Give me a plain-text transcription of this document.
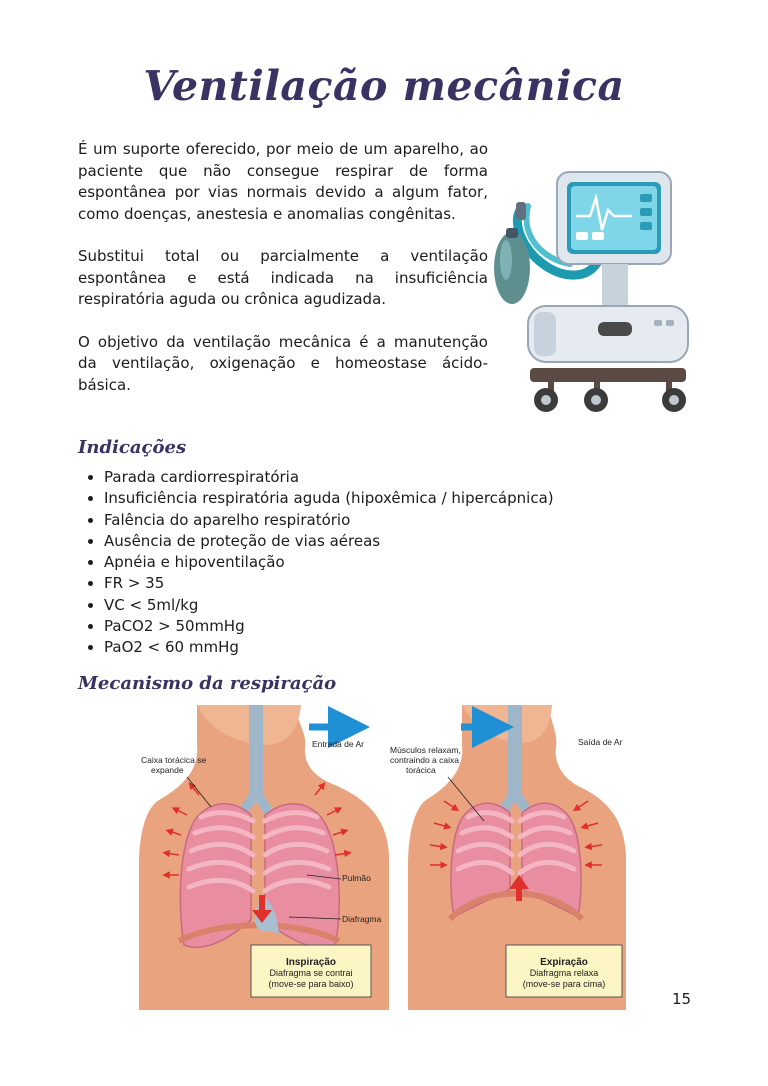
Ventilação mecânica

É um suporte oferecido, por meio de um aparelho, ao paciente que não consegue respirar de forma espontânea por vias normais devido a algum fator, como doenças, anestesia e anomalias congênitas.

Substitui total ou parcialmente a ventilação espontânea e está indicada na insuficiência respiratória aguda ou crônica agudizada.

O objetivo da ventilação mecânica é a manutenção da ventilação, oxigenação e homeostase ácido-básica.

Indicações
• Parada cardiorrespiratória
• Insuficiência respiratória aguda (hipoxêmica / hipercápnica)
• Falência do aparelho respiratório
• Ausência de proteção de vias aéreas
• Apnéia e hipoventilação
• FR > 35
• VC < 5ml/kg
• PaCO2 > 50mmHg
• PaO2 < 60 mmHg
Mecanismo da respiração
Entrada de Ar
Caixa torácica se
expande
Pulmão
Diafragma
Inspiração
Diafragma se contrai
(move-se para baixo)
Saída de Ar
Músculos relaxam,
contraindo a caixa
torácica
Expiração
Diafragma relaxa
(move-se para cima)
15
